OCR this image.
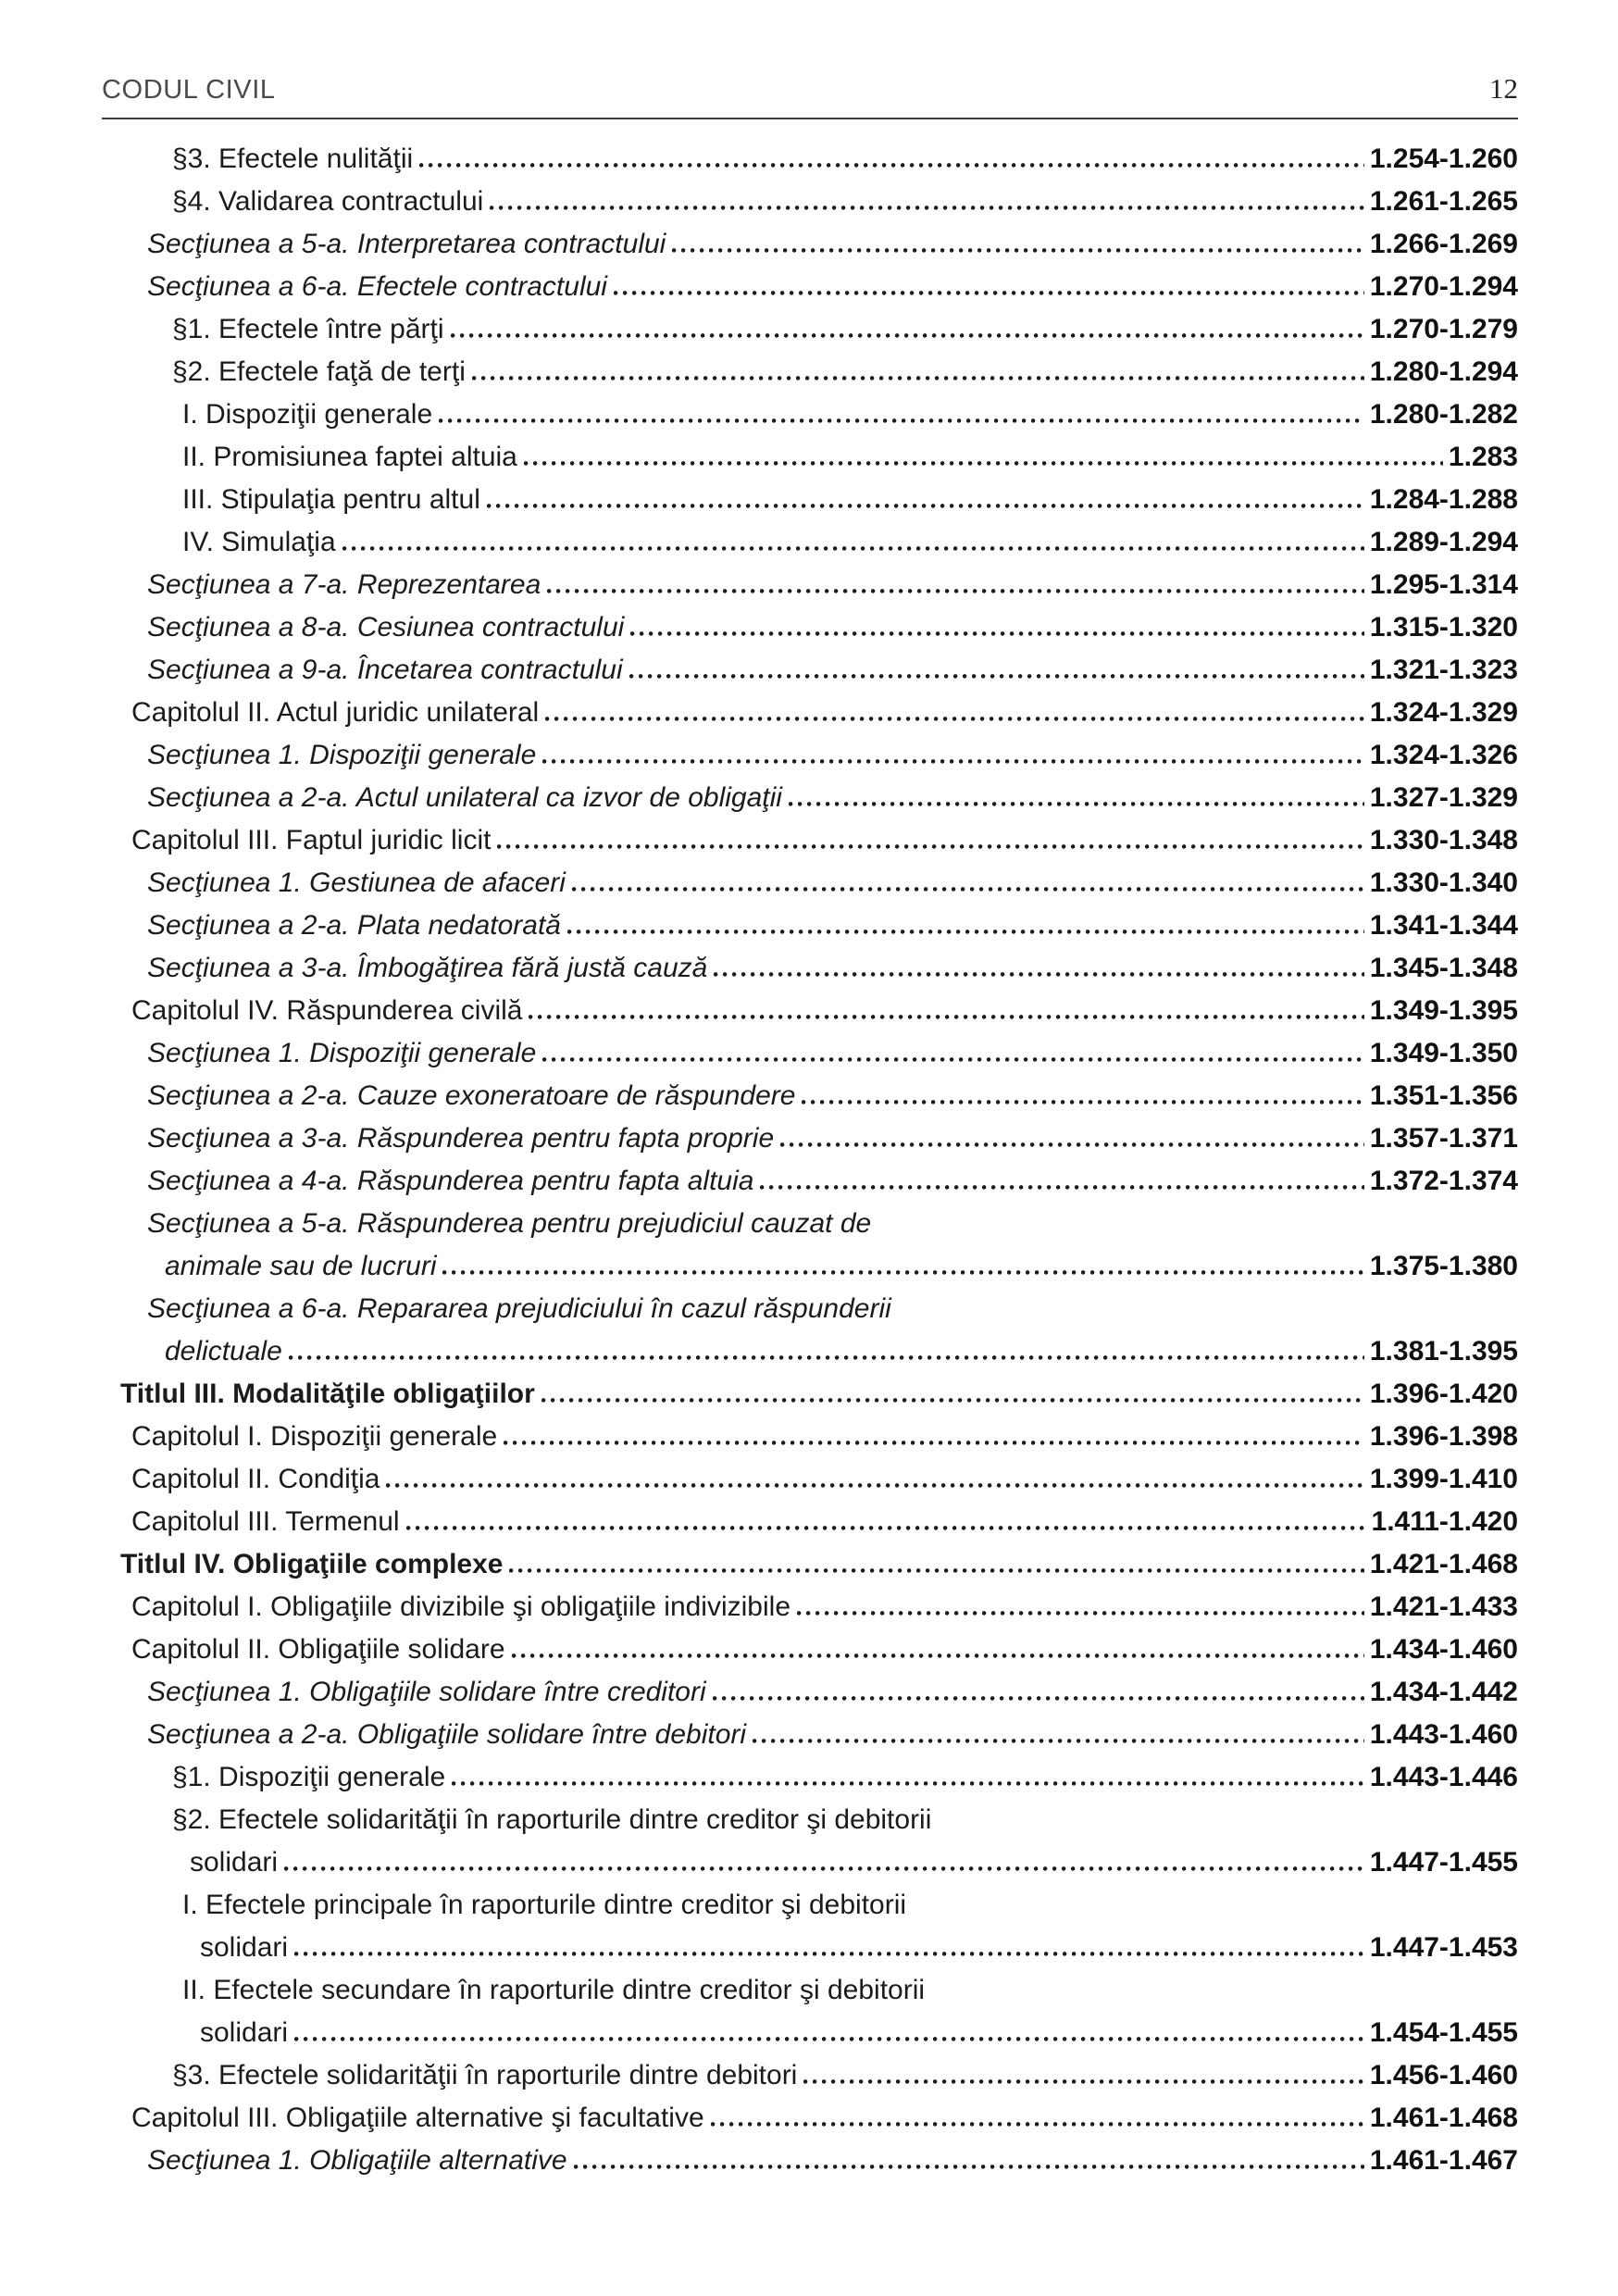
CODUL CIVIL	12
§3. Efectele nulităţii	1.254-1.260
§4. Validarea contractului	1.261-1.265
Secţiunea a 5-a. Interpretarea contractului	1.266-1.269
Secţiunea a 6-a. Efectele contractului	1.270-1.294
§1. Efectele între părţi	1.270-1.279
§2. Efectele faţă de terţi	1.280-1.294
I. Dispoziţii generale	1.280-1.282
II. Promisiunea faptei altuia	1.283
III. Stipulaţia pentru altul	1.284-1.288
IV. Simulaţia	1.289-1.294
Secţiunea a 7-a. Reprezentarea	1.295-1.314
Secţiunea a 8-a. Cesiunea contractului	1.315-1.320
Secţiunea a 9-a. Încetarea contractului	1.321-1.323
Capitolul II. Actul juridic unilateral	1.324-1.329
Secţiunea 1. Dispoziţii generale	1.324-1.326
Secţiunea a 2-a. Actul unilateral ca izvor de obligaţii	1.327-1.329
Capitolul III. Faptul juridic licit	1.330-1.348
Secţiunea 1. Gestiunea de afaceri	1.330-1.340
Secţiunea a 2-a. Plata nedatorată	1.341-1.344
Secţiunea a 3-a. Îmbogăţirea fără justă cauză	1.345-1.348
Capitolul IV. Răspunderea civilă	1.349-1.395
Secţiunea 1. Dispoziţii generale	1.349-1.350
Secţiunea a 2-a. Cauze exoneratoare de răspundere	1.351-1.356
Secţiunea a 3-a. Răspunderea pentru fapta proprie	1.357-1.371
Secţiunea a 4-a. Răspunderea pentru fapta altuia	1.372-1.374
Secţiunea a 5-a. Răspunderea pentru prejudiciul cauzat de
animale sau de lucruri	1.375-1.380
Secţiunea a 6-a. Repararea prejudiciului în cazul răspunderii
delictuale	1.381-1.395
Titlul III. Modalităţile obligaţiilor	1.396-1.420
Capitolul I. Dispoziţii generale	1.396-1.398
Capitolul II. Condiţia	1.399-1.410
Capitolul III. Termenul	1.411-1.420
Titlul IV. Obligaţiile complexe	1.421-1.468
Capitolul I. Obligaţiile divizibile şi obligaţiile indivizibile	1.421-1.433
Capitolul II. Obligaţiile solidare	1.434-1.460
Secţiunea 1. Obligaţiile solidare între creditori	1.434-1.442
Secţiunea a 2-a. Obligaţiile solidare între debitori	1.443-1.460
§1. Dispoziţii generale	1.443-1.446
§2. Efectele solidarităţii în raporturile dintre creditor şi debitorii
solidari	1.447-1.455
I. Efectele principale în raporturile dintre creditor şi debitorii
solidari	1.447-1.453
II. Efectele secundare în raporturile dintre creditor şi debitorii
solidari	1.454-1.455
§3. Efectele solidarităţii în raporturile dintre debitori	1.456-1.460
Capitolul III. Obligaţiile alternative şi facultative	1.461-1.468
Secţiunea 1. Obligaţiile alternative	1.461-1.467
